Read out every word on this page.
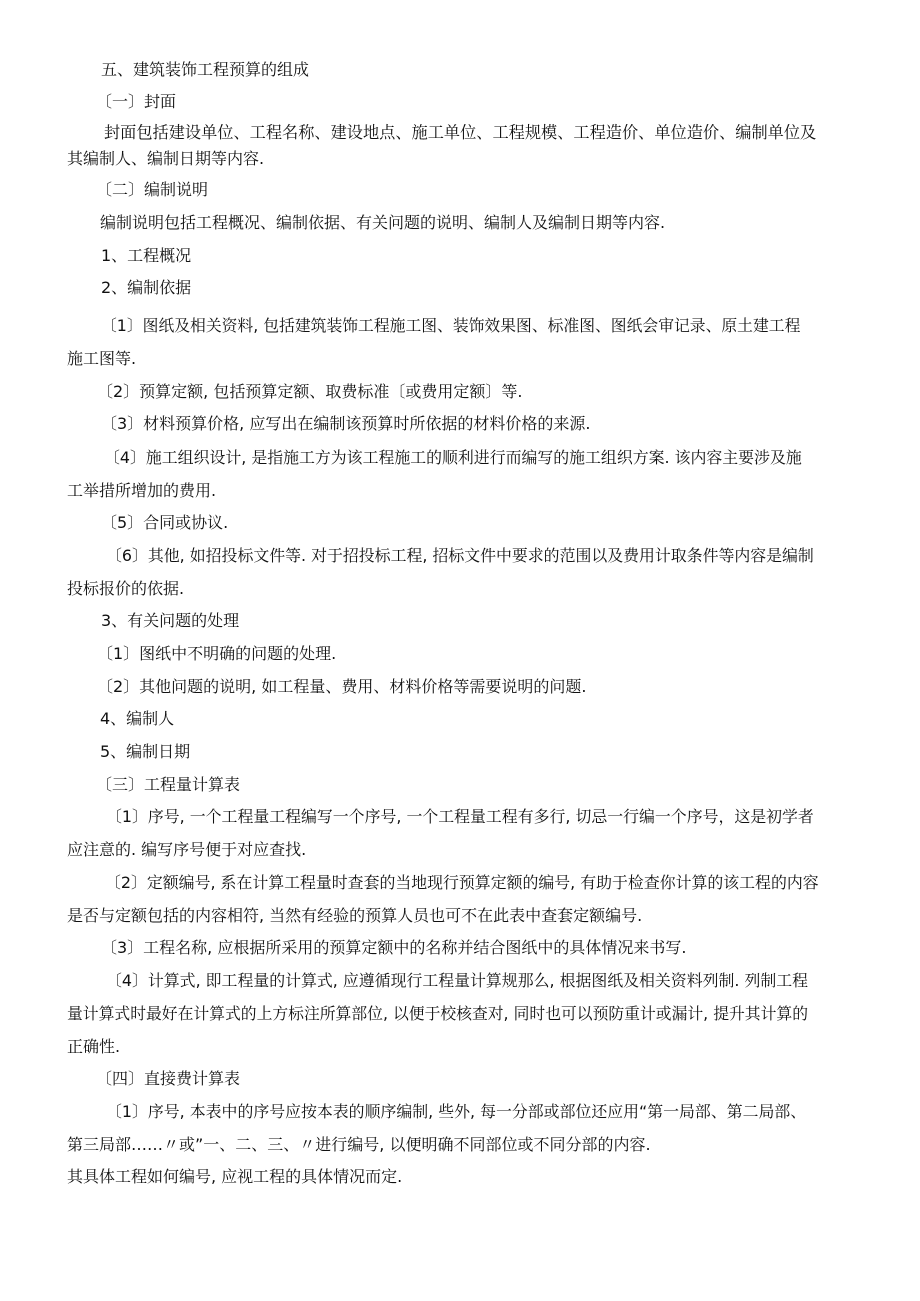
五、建筑装饰工程预算的组成
〔一〕封面
封面包括建设单位、工程名称、建设地点、施工单位、工程规模、工程造价、单位造价、编制单位及
其编制人、编制日期等内容.
〔二〕编制说明
编制说明包括工程概况、编制依据、有关问题的说明、编制人及编制日期等内容.
1、工程概况
2、编制依据
〔1〕图纸及相关资料, 包括建筑装饰工程施工图、装饰效果图、标准图、图纸会审记录、原土建工程
施工图等.
〔2〕预算定额, 包括预算定额、取费标准〔或费用定额〕等.
〔3〕材料预算价格, 应写出在编制该预算时所依据的材料价格的来源.
〔4〕施工组织设计, 是指施工方为该工程施工的顺利进行而编写的施工组织方案. 该内容主要涉及施
工举措所增加的费用.
〔5〕合同或协议.
〔6〕其他, 如招投标文件等. 对于招投标工程, 招标文件中要求的范围以及费用计取条件等内容是编制
投标报价的依据.
3、有关问题的处理
〔1〕图纸中不明确的问题的处理.
〔2〕其他问题的说明, 如工程量、费用、材料价格等需要说明的问题.
4、编制人
5、编制日期
〔三〕工程量计算表
〔1〕序号, 一个工程量工程编写一个序号, 一个工程量工程有多行, 切忌一行编一个序号，这是初学者
应注意的. 编写序号便于对应查找.
〔2〕定额编号, 系在计算工程量时查套的当地现行预算定额的编号, 有助于检查你计算的该工程的内容
是否与定额包括的内容相符, 当然有经验的预算人员也可不在此表中查套定额编号.
〔3〕工程名称, 应根据所采用的预算定额中的名称并结合图纸中的具体情况来书写.
〔4〕计算式, 即工程量的计算式, 应遵循现行工程量计算规那么, 根据图纸及相关资料列制. 列制工程
量计算式时最好在计算式的上方标注所算部位, 以便于校核查对, 同时也可以预防重计或漏计, 提升其计算的
正确性.
〔四〕直接费计算表
〔1〕序号, 本表中的序号应按本表的顺序编制, 些外, 每一分部或部位还应用“第一局部、第二局部、
第三局部……〃或”一、二、三、〃进行编号, 以便明确不同部位或不同分部的内容.
其具体工程如何编号, 应视工程的具体情况而定.
